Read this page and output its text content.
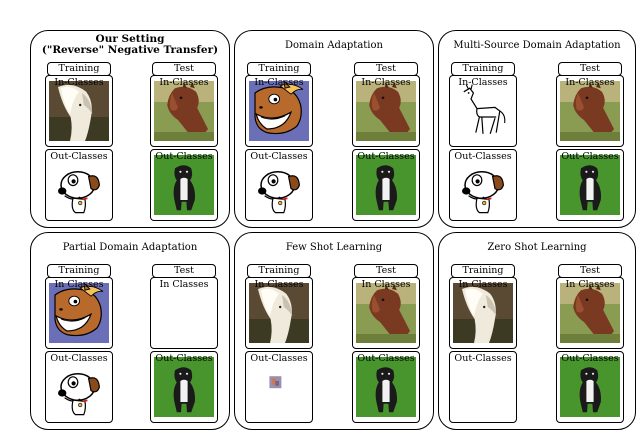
Our Setting
("Reverse" Negative Transfer)
Training	Test
In-Classes
Out-Classes
In-Classes
Out-Classes
Domain Adaptation
Training	Test
In-Classes
Out-Classes
In-Classes
Out-Classes
Multi-Source Domain Adaptation
Training	Test
In-Classes
Out-Classes
In-Classes
Out-Classes
Partial Domain Adaptation
Training	Test
In Classes
Out-Classes
In Classes
Out-Classes
Few Shot Learning
Training	Test
In Classes
Out-Classes
In Classes
Out-Classes
Zero Shot Learning
Training	Test
In Classes
Out-Classes
In Classes
Out-Classes
